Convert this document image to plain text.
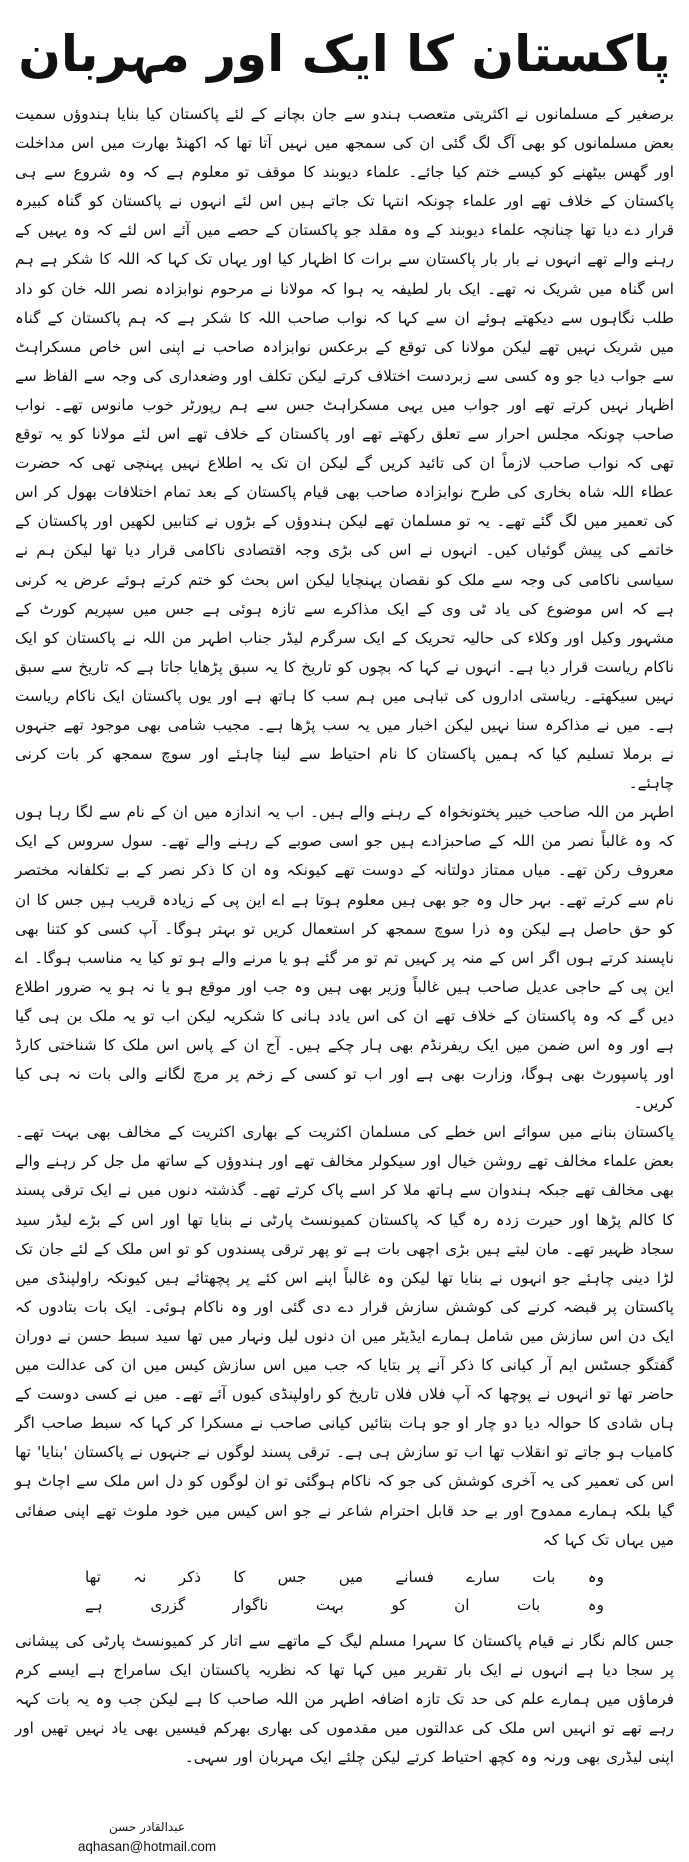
پاکستان کا ایک اور مہربان

برصغیر کے مسلمانوں نے اکثریتی متعصب ہندو سے جان بچانے کے لئے پاکستان کیا بنایا ہندوؤں سمیت بعض مسلمانوں کو بھی آگ لگ گئی ان کی سمجھ میں نہیں آتا تھا کہ اکھنڈ بھارت میں اس مداخلت اور گھس بیٹھنے کو کیسے ختم کیا جائے۔ علماء دیوبند کا موقف تو معلوم ہے کہ وہ شروع سے ہی پاکستان کے خلاف تھے اور علماء چونکہ انتہا تک جاتے ہیں اس لئے انہوں نے پاکستان کو گناہ کبیرہ قرار دے دیا تھا چنانچہ علماء دیوبند کے وہ مقلد جو پاکستان کے حصے میں آئے اس لئے کہ وہ یہیں کے رہنے والے تھے انہوں نے بار بار پاکستان سے برات کا اظہار کیا اور یہاں تک کہا کہ اللہ کا شکر ہے ہم اس گناہ میں شریک نہ تھے۔ ایک بار لطیفہ یہ ہوا کہ مولانا نے مرحوم نوابزادہ نصر اللہ خان کو داد طلب نگاہوں سے دیکھتے ہوئے ان سے کہا کہ نواب صاحب اللہ کا شکر ہے کہ ہم پاکستان کے گناہ میں شریک نہیں تھے لیکن مولانا کی توقع کے برعکس نوابزادہ صاحب نے اپنی اس خاص مسکراہٹ سے جواب دیا جو وہ کسی سے زبردست اختلاف کرتے لیکن تکلف اور وضعداری کی وجہ سے الفاظ سے اظہار نہیں کرتے تھے اور جواب میں یہی مسکراہٹ جس سے ہم رپورٹر خوب مانوس تھے۔ نواب صاحب چونکہ مجلس احرار سے تعلق رکھتے تھے اور پاکستان کے خلاف تھے اس لئے مولانا کو یہ توقع تھی کہ نواب صاحب لازماً ان کی تائید کریں گے لیکن ان تک یہ اطلاع نہیں پہنچی تھی کہ حضرت عطاء اللہ شاہ بخاری کی طرح نوابزادہ صاحب بھی قیام پاکستان کے بعد تمام اختلافات بھول کر اس کی تعمیر میں لگ گئے تھے۔ یہ تو مسلمان تھے لیکن ہندوؤں کے بڑوں نے کتابیں لکھیں اور پاکستان کے خاتمے کی پیش گوئیاں کیں۔ انہوں نے اس کی بڑی وجہ اقتصادی ناکامی قرار دیا تھا لیکن ہم نے سیاسی ناکامی کی وجہ سے ملک کو نقصان پہنچایا لیکن اس بحث کو ختم کرتے ہوئے عرض یہ کرنی ہے کہ اس موضوع کی یاد ٹی وی کے ایک مذاکرے سے تازہ ہوئی ہے جس میں سپریم کورٹ کے مشہور وکیل اور وکلاء کی حالیہ تحریک کے ایک سرگرم لیڈر جناب اطہر من اللہ نے پاکستان کو ایک ناکام ریاست قرار دیا ہے۔ انہوں نے کہا کہ بچوں کو تاریخ کا یہ سبق پڑھایا جاتا ہے کہ تاریخ سے سبق نہیں سیکھتے۔ ریاستی اداروں کی تباہی میں ہم سب کا ہاتھ ہے اور یوں پاکستان ایک ناکام ریاست ہے۔ میں نے مذاکرہ سنا نہیں لیکن اخبار میں یہ سب پڑھا ہے۔ مجیب شامی بھی موجود تھے جنہوں نے برملا تسلیم کیا کہ ہمیں پاکستان کا نام احتیاط سے لینا چاہئے اور سوچ سمجھ کر بات کرنی چاہئے۔

اطہر من اللہ صاحب خیبر پختونخواہ کے رہنے والے ہیں۔ اب یہ اندازہ میں ان کے نام سے لگا رہا ہوں کہ وہ غالباً نصر من اللہ کے صاحبزادے ہیں جو اسی صوبے کے رہنے والے تھے۔ سول سروس کے ایک معروف رکن تھے۔ میاں ممتاز دولتانہ کے دوست تھے کیونکہ وہ ان کا ذکر نصر کے بے تکلفانہ مختصر نام سے کرتے تھے۔ بہر حال وہ جو بھی ہیں معلوم ہوتا ہے اے این پی کے زیادہ قریب ہیں جس کا ان کو حق حاصل ہے لیکن وہ ذرا سوچ سمجھ کر استعمال کریں تو بہتر ہوگا۔ آپ کسی کو کتنا بھی ناپسند کرتے ہوں اگر اس کے منہ پر کہیں تم تو مر گئے ہو یا مرنے والے ہو تو کیا یہ مناسب ہوگا۔ اے این پی کے حاجی عدیل صاحب ہیں غالباً وزیر بھی ہیں وہ جب اور موقع ہو یا نہ ہو یہ ضرور اطلاع دیں گے کہ وہ پاکستان کے خلاف تھے ان کی اس یادد ہانی کا شکریہ لیکن اب تو یہ ملک بن ہی گیا ہے اور وہ اس ضمن میں ایک ریفرنڈم بھی ہار چکے ہیں۔ آج ان کے پاس اس ملک کا شناختی کارڈ اور پاسپورٹ بھی ہوگا، وزارت بھی ہے اور اب تو کسی کے زخم پر مرچ لگانے والی بات نہ ہی کیا کریں۔

پاکستان بنانے میں سوائے اس خطے کی مسلمان اکثریت کے بھاری اکثریت کے مخالف بھی بہت تھے۔ بعض علماء مخالف تھے روشن خیال اور سیکولر مخالف تھے اور ہندوؤں کے ساتھ مل جل کر رہنے والے بھی مخالف تھے جبکہ ہندوان سے ہاتھ ملا کر اسے پاک کرتے تھے۔ گذشتہ دنوں میں نے ایک ترقی پسند کا کالم پڑھا اور حیرت زدہ رہ گیا کہ پاکستان کمیونسٹ پارٹی نے بنایا تھا اور اس کے بڑے لیڈر سید سجاد ظہیر تھے۔ مان لیتے ہیں بڑی اچھی بات ہے تو پھر ترقی پسندوں کو تو اس ملک کے لئے جان تک لڑا دینی چاہئے جو انہوں نے بنایا تھا لیکن وہ غالباً اپنے اس کئے پر پچھتائے ہیں کیونکہ راولپنڈی میں پاکستان پر قبضہ کرنے کی کوشش سازش قرار دے دی گئی اور وہ ناکام ہوئی۔ ایک بات بتادوں کہ ایک دن اس سازش میں شامل ہمارے ایڈیٹر میں ان دنوں لیل ونہار میں تھا سید سبط حسن نے دوران گفتگو جسٹس ایم آر کیانی کا ذکر آنے پر بتایا کہ جب میں اس سازش کیس میں ان کی عدالت میں حاضر تھا تو انہوں نے پوچھا کہ آپ فلاں فلاں تاریخ کو راولپنڈی کیوں آئے تھے۔ میں نے کسی دوست کے ہاں شادی کا حوالہ دیا دو چار او جو ہات بتائیں کیانی صاحب نے مسکرا کر کہا کہ سبط صاحب اگر کامیاب ہو جاتے تو انقلاب تھا اب تو سازش ہی ہے۔ ترقی پسند لوگوں نے جنہوں نے پاکستان 'بنایا' تھا اس کی تعمیر کی یہ آخری کوشش کی جو کہ ناکام ہوگئی تو ان لوگوں کو دل اس ملک سے اچاٹ ہو گیا بلکہ ہمارے ممدوح اور بے حد قابل احترام شاعر نے جو اس کیس میں خود ملوث تھے اپنی صفائی میں یہاں تک کہا کہ

وہ بات سارے فسانے میں جس کا ذکر نہ تھا
وہ بات ان کو بہت ناگوار گزری ہے

جس کالم نگار نے قیام پاکستان کا سہرا مسلم لیگ کے ماتھے سے اتار کر کمیونسٹ پارٹی کی پیشانی پر سجا دیا ہے انہوں نے ایک بار تقریر میں کہا تھا کہ نظریہ پاکستان ایک سامراج ہے ایسے کرم فرماؤں میں ہمارے علم کی حد تک تازہ اضافہ اطہر من اللہ صاحب کا ہے لیکن جب وہ یہ بات کہہ رہے تھے تو انہیں اس ملک کی عدالتوں میں مقدموں کی بھاری بھرکم فیسیں بھی یاد نہیں تھیں اور اپنی لیڈری بھی ورنہ وہ کچھ احتیاط کرتے لیکن چلئے ایک مہربان اور سہی۔

عبدالقادر حسن
aqhasan@hotmail.com
